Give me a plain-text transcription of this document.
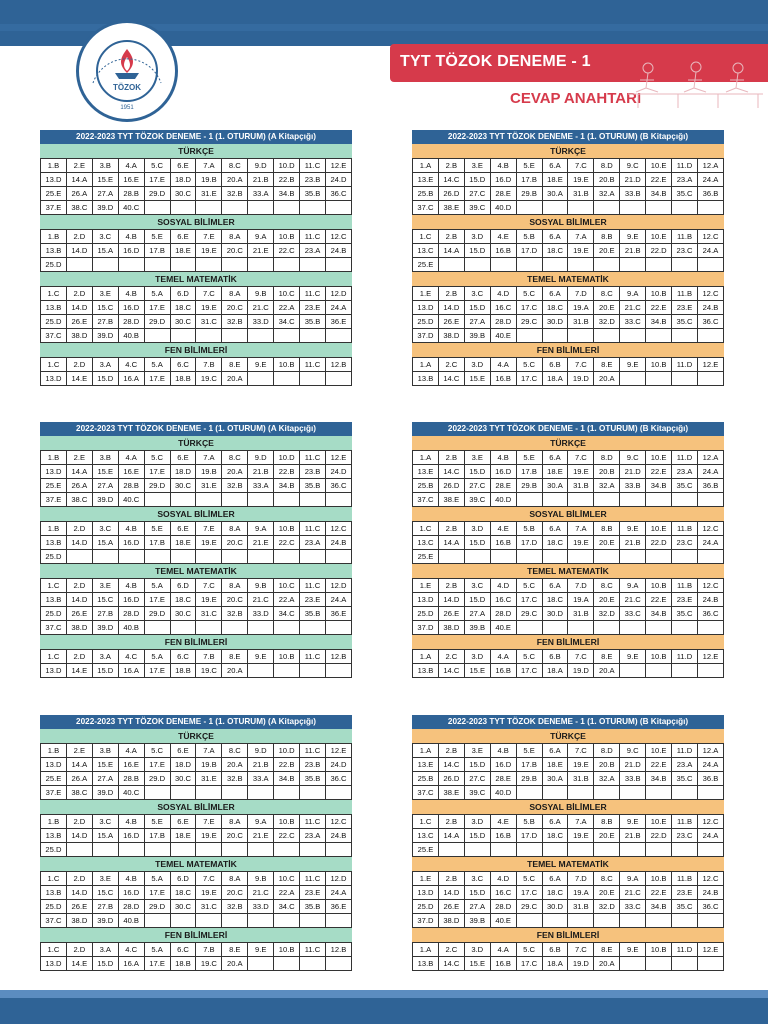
TÖZOK
1951
TYT TÖZOK DENEME - 1
CEVAP ANAHTARI
2022-2023 TYT TÖZOK DENEME - 1 (1. OTURUM) (A Kitapçığı)
TÜRKÇE
1.B	2.E	3.B	4.A	5.C	6.E	7.A	8.C	9.D	10.D	11.C	12.E
13.D	14.A	15.E	16.E	17.E	18.D	19.B	20.A	21.B	22.B	23.B	24.D
25.E	26.A	27.A	28.B	29.D	30.C	31.E	32.B	33.A	34.B	35.B	36.C
37.E	38.C	39.D	40.C								
SOSYAL BİLİMLER
1.B	2.D	3.C	4.B	5.E	6.E	7.E	8.A	9.A	10.B	11.C	12.C
13.B	14.D	15.A	16.D	17.B	18.E	19.E	20.C	21.E	22.C	23.A	24.B
25.D											
TEMEL MATEMATİK
1.C	2.D	3.E	4.B	5.A	6.D	7.C	8.A	9.B	10.C	11.C	12.D
13.B	14.D	15.C	16.D	17.E	18.C	19.E	20.C	21.C	22.A	23.E	24.A
25.D	26.E	27.B	28.D	29.D	30.C	31.C	32.B	33.D	34.C	35.B	36.E
37.C	38.D	39.D	40.B								
FEN BİLİMLERİ
1.C	2.D	3.A	4.C	5.A	6.C	7.B	8.E	9.E	10.B	11.C	12.B
13.D	14.E	15.D	16.A	17.E	18.B	19.C	20.A				
2022-2023 TYT TÖZOK DENEME - 1 (1. OTURUM) (B Kitapçığı)
TÜRKÇE
1.A	2.B	3.E	4.B	5.E	6.A	7.C	8.D	9.C	10.E	11.D	12.A
13.E	14.C	15.D	16.D	17.B	18.E	19.E	20.B	21.D	22.E	23.A	24.A
25.B	26.D	27.C	28.E	29.B	30.A	31.B	32.A	33.B	34.B	35.C	36.B
37.C	38.E	39.C	40.D								
SOSYAL BİLİMLER
1.C	2.B	3.D	4.E	5.B	6.A	7.A	8.B	9.E	10.E	11.B	12.C
13.C	14.A	15.D	16.B	17.D	18.C	19.E	20.E	21.B	22.D	23.C	24.A
25.E											
TEMEL MATEMATİK
1.E	2.B	3.C	4.D	5.C	6.A	7.D	8.C	9.A	10.B	11.B	12.C
13.D	14.D	15.D	16.C	17.C	18.C	19.A	20.E	21.C	22.E	23.E	24.B
25.D	26.E	27.A	28.D	29.C	30.D	31.B	32.D	33.C	34.B	35.C	36.C
37.D	38.D	39.B	40.E								
FEN BİLİMLERİ
1.A	2.C	3.D	4.A	5.C	6.B	7.C	8.E	9.E	10.B	11.D	12.E
13.B	14.C	15.E	16.B	17.C	18.A	19.D	20.A				
2022-2023 TYT TÖZOK DENEME - 1 (1. OTURUM) (A Kitapçığı)
TÜRKÇE
1.B	2.E	3.B	4.A	5.C	6.E	7.A	8.C	9.D	10.D	11.C	12.E
13.D	14.A	15.E	16.E	17.E	18.D	19.B	20.A	21.B	22.B	23.B	24.D
25.E	26.A	27.A	28.B	29.D	30.C	31.E	32.B	33.A	34.B	35.B	36.C
37.E	38.C	39.D	40.C								
SOSYAL BİLİMLER
1.B	2.D	3.C	4.B	5.E	6.E	7.E	8.A	9.A	10.B	11.C	12.C
13.B	14.D	15.A	16.D	17.B	18.E	19.E	20.C	21.E	22.C	23.A	24.B
25.D											
TEMEL MATEMATİK
1.C	2.D	3.E	4.B	5.A	6.D	7.C	8.A	9.B	10.C	11.C	12.D
13.B	14.D	15.C	16.D	17.E	18.C	19.E	20.C	21.C	22.A	23.E	24.A
25.D	26.E	27.B	28.D	29.D	30.C	31.C	32.B	33.D	34.C	35.B	36.E
37.C	38.D	39.D	40.B								
FEN BİLİMLERİ
1.C	2.D	3.A	4.C	5.A	6.C	7.B	8.E	9.E	10.B	11.C	12.B
13.D	14.E	15.D	16.A	17.E	18.B	19.C	20.A				
2022-2023 TYT TÖZOK DENEME - 1 (1. OTURUM) (B Kitapçığı)
TÜRKÇE
1.A	2.B	3.E	4.B	5.E	6.A	7.C	8.D	9.C	10.E	11.D	12.A
13.E	14.C	15.D	16.D	17.B	18.E	19.E	20.B	21.D	22.E	23.A	24.A
25.B	26.D	27.C	28.E	29.B	30.A	31.B	32.A	33.B	34.B	35.C	36.B
37.C	38.E	39.C	40.D								
SOSYAL BİLİMLER
1.C	2.B	3.D	4.E	5.B	6.A	7.A	8.B	9.E	10.E	11.B	12.C
13.C	14.A	15.D	16.B	17.D	18.C	19.E	20.E	21.B	22.D	23.C	24.A
25.E											
TEMEL MATEMATİK
1.E	2.B	3.C	4.D	5.C	6.A	7.D	8.C	9.A	10.B	11.B	12.C
13.D	14.D	15.D	16.C	17.C	18.C	19.A	20.E	21.C	22.E	23.E	24.B
25.D	26.E	27.A	28.D	29.C	30.D	31.B	32.D	33.C	34.B	35.C	36.C
37.D	38.D	39.B	40.E								
FEN BİLİMLERİ
1.A	2.C	3.D	4.A	5.C	6.B	7.C	8.E	9.E	10.B	11.D	12.E
13.B	14.C	15.E	16.B	17.C	18.A	19.D	20.A				
2022-2023 TYT TÖZOK DENEME - 1 (1. OTURUM) (A Kitapçığı)
TÜRKÇE
1.B	2.E	3.B	4.A	5.C	6.E	7.A	8.C	9.D	10.D	11.C	12.E
13.D	14.A	15.E	16.E	17.E	18.D	19.B	20.A	21.B	22.B	23.B	24.D
25.E	26.A	27.A	28.B	29.D	30.C	31.E	32.B	33.A	34.B	35.B	36.C
37.E	38.C	39.D	40.C								
SOSYAL BİLİMLER
1.B	2.D	3.C	4.B	5.E	6.E	7.E	8.A	9.A	10.B	11.C	12.C
13.B	14.D	15.A	16.D	17.B	18.E	19.E	20.C	21.E	22.C	23.A	24.B
25.D											
TEMEL MATEMATİK
1.C	2.D	3.E	4.B	5.A	6.D	7.C	8.A	9.B	10.C	11.C	12.D
13.B	14.D	15.C	16.D	17.E	18.C	19.E	20.C	21.C	22.A	23.E	24.A
25.D	26.E	27.B	28.D	29.D	30.C	31.C	32.B	33.D	34.C	35.B	36.E
37.C	38.D	39.D	40.B								
FEN BİLİMLERİ
1.C	2.D	3.A	4.C	5.A	6.C	7.B	8.E	9.E	10.B	11.C	12.B
13.D	14.E	15.D	16.A	17.E	18.B	19.C	20.A				
2022-2023 TYT TÖZOK DENEME - 1 (1. OTURUM) (B Kitapçığı)
TÜRKÇE
1.A	2.B	3.E	4.B	5.E	6.A	7.C	8.D	9.C	10.E	11.D	12.A
13.E	14.C	15.D	16.D	17.B	18.E	19.E	20.B	21.D	22.E	23.A	24.A
25.B	26.D	27.C	28.E	29.B	30.A	31.B	32.A	33.B	34.B	35.C	36.B
37.C	38.E	39.C	40.D								
SOSYAL BİLİMLER
1.C	2.B	3.D	4.E	5.B	6.A	7.A	8.B	9.E	10.E	11.B	12.C
13.C	14.A	15.D	16.B	17.D	18.C	19.E	20.E	21.B	22.D	23.C	24.A
25.E											
TEMEL MATEMATİK
1.E	2.B	3.C	4.D	5.C	6.A	7.D	8.C	9.A	10.B	11.B	12.C
13.D	14.D	15.D	16.C	17.C	18.C	19.A	20.E	21.C	22.E	23.E	24.B
25.D	26.E	27.A	28.D	29.C	30.D	31.B	32.D	33.C	34.B	35.C	36.C
37.D	38.D	39.B	40.E								
FEN BİLİMLERİ
1.A	2.C	3.D	4.A	5.C	6.B	7.C	8.E	9.E	10.B	11.D	12.E
13.B	14.C	15.E	16.B	17.C	18.A	19.D	20.A				
